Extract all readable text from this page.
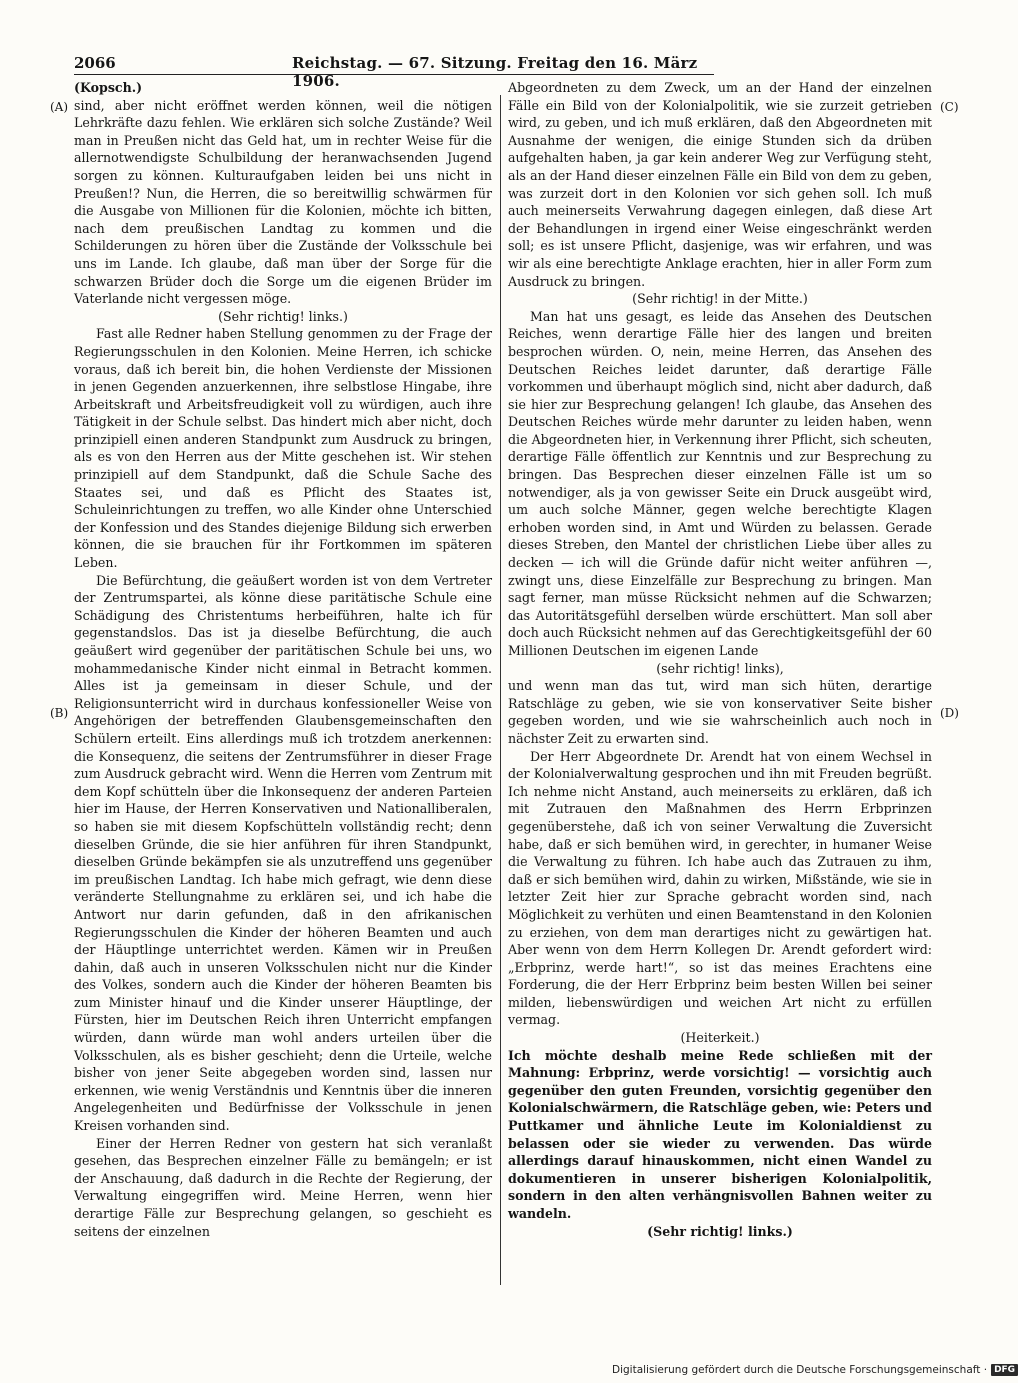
2066	Reichstag. — 67. Sitzung. Freitag den 16. März 1906.
(A)
(B)
(C)
(D)

(Kopsch.)

sind, aber nicht eröffnet werden können, weil die nötigen Lehrkräfte dazu fehlen. Wie erklären sich solche Zustände? Weil man in Preußen nicht das Geld hat, um in rechter Weise für die allernotwendigste Schulbildung der heranwachsenden Jugend sorgen zu können. Kulturaufgaben leiden bei uns nicht in Preußen!? Nun, die Herren, die so bereitwillig schwärmen für die Ausgabe von Millionen für die Kolonien, möchte ich bitten, nach dem preußischen Landtag zu kommen und die Schilderungen zu hören über die Zustände der Volksschule bei uns im Lande. Ich glaube, daß man über der Sorge für die schwarzen Brüder doch die Sorge um die eigenen Brüder im Vaterlande nicht vergessen möge.

(Sehr richtig! links.)

Fast alle Redner haben Stellung genommen zu der Frage der Regierungsschulen in den Kolonien. Meine Herren, ich schicke voraus, daß ich bereit bin, die hohen Verdienste der Missionen in jenen Gegenden anzuerkennen, ihre selbstlose Hingabe, ihre Arbeitskraft und Arbeitsfreudigkeit voll zu würdigen, auch ihre Tätigkeit in der Schule selbst. Das hindert mich aber nicht, doch prinzipiell einen anderen Standpunkt zum Ausdruck zu bringen, als es von den Herren aus der Mitte geschehen ist. Wir stehen prinzipiell auf dem Standpunkt, daß die Schule Sache des Staates sei, und daß es Pflicht des Staates ist, Schuleinrichtungen zu treffen, wo alle Kinder ohne Unterschied der Konfession und des Standes diejenige Bildung sich erwerben können, die sie brauchen für ihr Fortkommen im späteren Leben.

Die Befürchtung, die geäußert worden ist von dem Vertreter der Zentrumspartei, als könne diese paritätische Schule eine Schädigung des Christentums herbeiführen, halte ich für gegenstandslos. Das ist ja dieselbe Befürchtung, die auch geäußert wird gegenüber der paritätischen Schule bei uns, wo mohammedanische Kinder nicht einmal in Betracht kommen. Alles ist ja gemeinsam in dieser Schule, und der Religionsunterricht wird in durchaus konfessioneller Weise von Angehörigen der betreffenden Glaubensgemeinschaften den Schülern erteilt. Eins allerdings muß ich trotzdem anerkennen: die Konsequenz, die seitens der Zentrumsführer in dieser Frage zum Ausdruck gebracht wird. Wenn die Herren vom Zentrum mit dem Kopf schütteln über die Inkonsequenz der anderen Parteien hier im Hause, der Herren Konservativen und Nationalliberalen, so haben sie mit diesem Kopfschütteln vollständig recht; denn dieselben Gründe, die sie hier anführen für ihren Standpunkt, dieselben Gründe bekämpfen sie als unzutreffend uns gegenüber im preußischen Landtag. Ich habe mich gefragt, wie denn diese veränderte Stellungnahme zu erklären sei, und ich habe die Antwort nur darin gefunden, daß in den afrikanischen Regierungsschulen die Kinder der höheren Beamten und auch der Häuptlinge unterrichtet werden. Kämen wir in Preußen dahin, daß auch in unseren Volksschulen nicht nur die Kinder des Volkes, sondern auch die Kinder der höheren Beamten bis zum Minister hinauf und die Kinder unserer Häuptlinge, der Fürsten, hier im Deutschen Reich ihren Unterricht empfangen würden, dann würde man wohl anders urteilen über die Volksschulen, als es bisher geschieht; denn die Urteile, welche bisher von jener Seite abgegeben worden sind, lassen nur erkennen, wie wenig Verständnis und Kenntnis über die inneren Angelegenheiten und Bedürfnisse der Volksschule in jenen Kreisen vorhanden sind.

Einer der Herren Redner von gestern hat sich veranlaßt gesehen, das Besprechen einzelner Fälle zu bemängeln; er ist der Anschauung, daß dadurch in die Rechte der Regierung, der Verwaltung eingegriffen wird. Meine Herren, wenn hier derartige Fälle zur Besprechung gelangen, so geschieht es seitens der einzelnen

Abgeordneten zu dem Zweck, um an der Hand der einzelnen Fälle ein Bild von der Kolonialpolitik, wie sie zurzeit getrieben wird, zu geben, und ich muß erklären, daß den Abgeordneten mit Ausnahme der wenigen, die einige Stunden sich da drüben aufgehalten haben, ja gar kein anderer Weg zur Verfügung steht, als an der Hand dieser einzelnen Fälle ein Bild von dem zu geben, was zurzeit dort in den Kolonien vor sich gehen soll. Ich muß auch meinerseits Verwahrung dagegen einlegen, daß diese Art der Behandlungen in irgend einer Weise eingeschränkt werden soll; es ist unsere Pflicht, dasjenige, was wir erfahren, und was wir als eine berechtigte Anklage erachten, hier in aller Form zum Ausdruck zu bringen.

(Sehr richtig! in der Mitte.)

Man hat uns gesagt, es leide das Ansehen des Deutschen Reiches, wenn derartige Fälle hier des langen und breiten besprochen würden. O, nein, meine Herren, das Ansehen des Deutschen Reiches leidet darunter, daß derartige Fälle vorkommen und überhaupt möglich sind, nicht aber dadurch, daß sie hier zur Besprechung gelangen! Ich glaube, das Ansehen des Deutschen Reiches würde mehr darunter zu leiden haben, wenn die Abgeordneten hier, in Verkennung ihrer Pflicht, sich scheuten, derartige Fälle öffentlich zur Kenntnis und zur Besprechung zu bringen. Das Besprechen dieser einzelnen Fälle ist um so notwendiger, als ja von gewisser Seite ein Druck ausgeübt wird, um auch solche Männer, gegen welche berechtigte Klagen erhoben worden sind, in Amt und Würden zu belassen. Gerade dieses Streben, den Mantel der christlichen Liebe über alles zu decken — ich will die Gründe dafür nicht weiter anführen —, zwingt uns, diese Einzelfälle zur Besprechung zu bringen. Man sagt ferner, man müsse Rücksicht nehmen auf die Schwarzen; das Autoritätsgefühl derselben würde erschüttert. Man soll aber doch auch Rücksicht nehmen auf das Gerechtigkeitsgefühl der 60 Millionen Deutschen im eigenen Lande

(sehr richtig! links),

und wenn man das tut, wird man sich hüten, derartige Ratschläge zu geben, wie sie von konservativer Seite bisher gegeben worden, und wie sie wahrscheinlich auch noch in nächster Zeit zu erwarten sind.

Der Herr Abgeordnete Dr. Arendt hat von einem Wechsel in der Kolonialverwaltung gesprochen und ihn mit Freuden begrüßt. Ich nehme nicht Anstand, auch meinerseits zu erklären, daß ich mit Zutrauen den Maßnahmen des Herrn Erbprinzen gegenüberstehe, daß ich von seiner Verwaltung die Zuversicht habe, daß er sich bemühen wird, in gerechter, in humaner Weise die Verwaltung zu führen. Ich habe auch das Zutrauen zu ihm, daß er sich bemühen wird, dahin zu wirken, Mißstände, wie sie in letzter Zeit hier zur Sprache gebracht worden sind, nach Möglichkeit zu verhüten und einen Beamtenstand in den Kolonien zu erziehen, von dem man derartiges nicht zu gewärtigen hat. Aber wenn von dem Herrn Kollegen Dr. Arendt gefordert wird: „Erbprinz, werde hart!“, so ist das meines Erachtens eine Forderung, die der Herr Erbprinz beim besten Willen bei seiner milden, liebenswürdigen und weichen Art nicht zu erfüllen vermag.

(Heiterkeit.)

Ich möchte deshalb meine Rede schließen mit der Mahnung: Erbprinz, werde vorsichtig! — vorsichtig auch gegenüber den guten Freunden, vorsichtig gegenüber den Kolonialschwärmern, die Ratschläge geben, wie: Peters und Puttkamer und ähnliche Leute im Kolonialdienst zu belassen oder sie wieder zu verwenden. Das würde allerdings darauf hinauskommen, nicht einen Wandel zu dokumentieren in unserer bisherigen Kolonialpolitik, sondern in den alten verhängnisvollen Bahnen weiter zu wandeln.

(Sehr richtig! links.)

Digitalisierung gefördert durch die Deutsche Forschungsgemeinschaft · DFG
